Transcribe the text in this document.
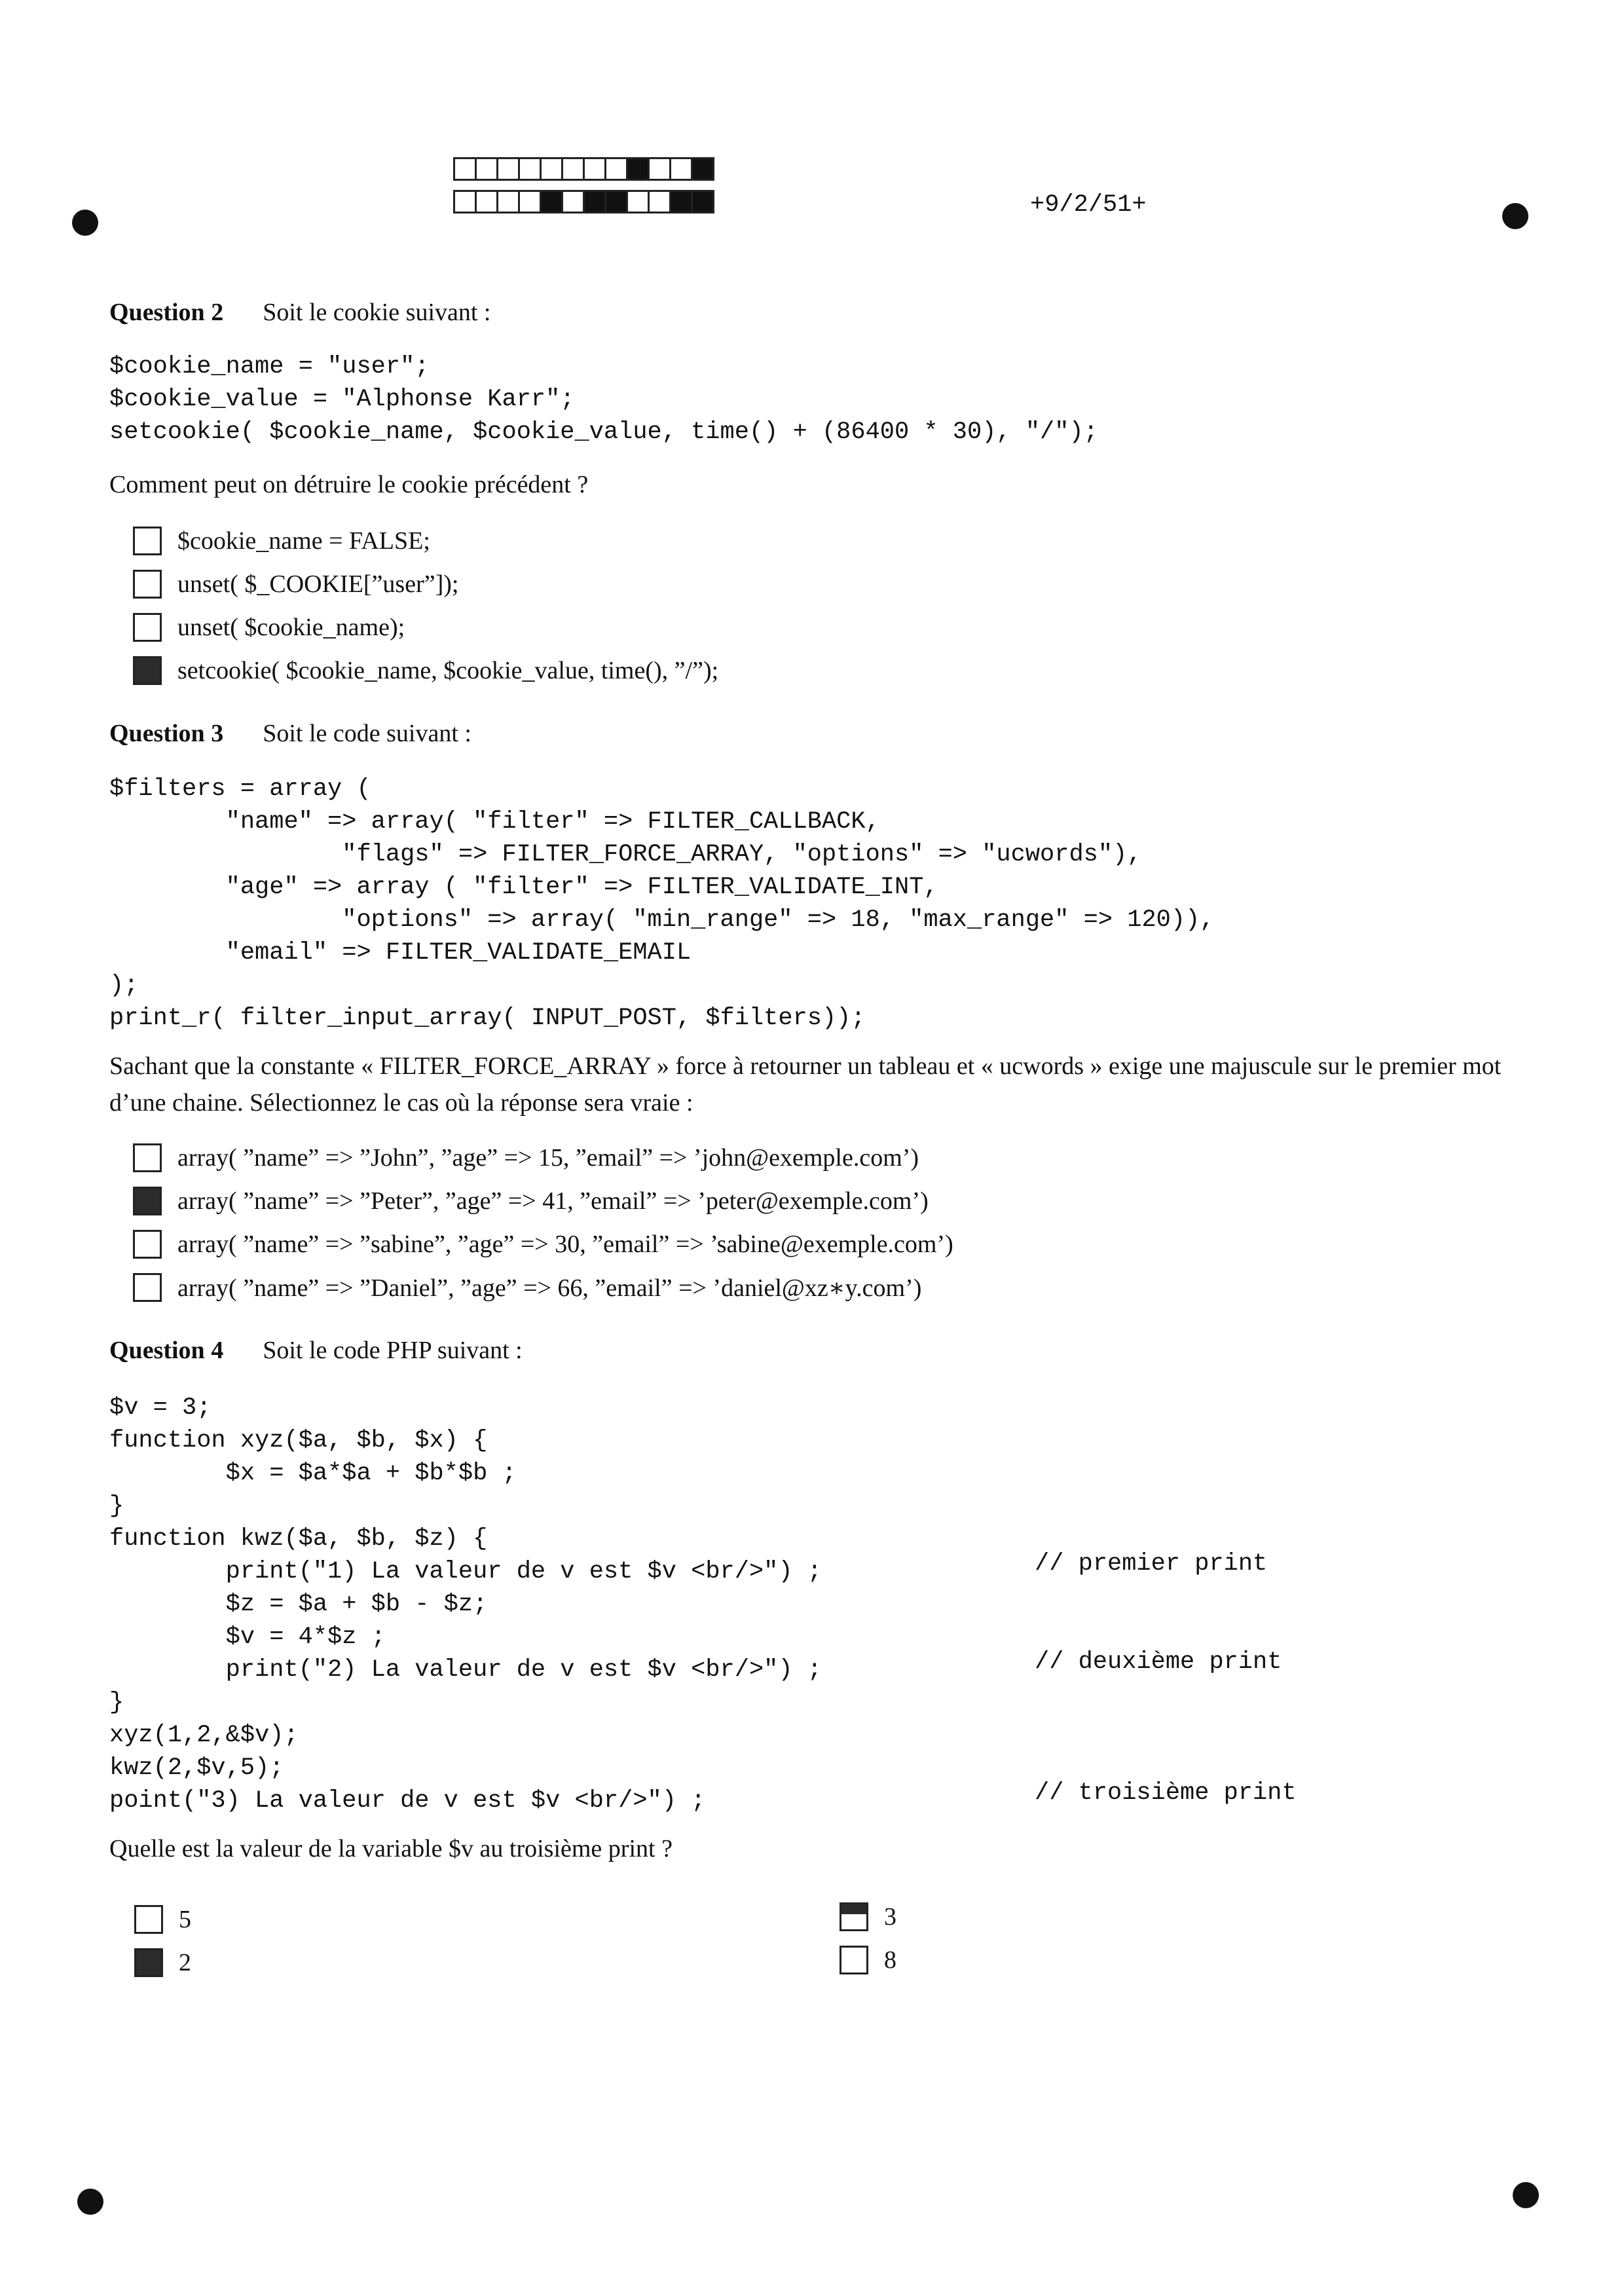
+9/2/51+
Question 2 Soit le cookie suivant :
$cookie_name = "user";
$cookie_value = "Alphonse Karr";
setcookie( $cookie_name, $cookie_value, time() + (86400 * 30), "/");
Comment peut on détruire le cookie précédent ?
$cookie_name = FALSE;
unset( $_COOKIE[”user”]);
unset( $cookie_name);
setcookie( $cookie_name, $cookie_value, time(), ”/”);
Question 3 Soit le code suivant :
$filters = array (
"name" => array( "filter" => FILTER_CALLBACK,
"flags" => FILTER_FORCE_ARRAY, "options" => "ucwords"),
"age" => array ( "filter" => FILTER_VALIDATE_INT,
"options" => array( "min_range" => 18, "max_range" => 120)),
"email" => FILTER_VALIDATE_EMAIL
);
print_r( filter_input_array( INPUT_POST, $filters));
Sachant que la constante « FILTER_FORCE_ARRAY » force à retourner un tableau et « ucwords » exige une majuscule sur le premier mot d’une chaine. Sélectionnez le cas où la réponse sera vraie :
array( ”name” => ”John”, ”age” => 15, ”email” => ’john@exemple.com’)
array( ”name” => ”Peter”, ”age” => 41, ”email” => ’peter@exemple.com’)
array( ”name” => ”sabine”, ”age” => 30, ”email” => ’sabine@exemple.com’)
array( ”name” => ”Daniel”, ”age” => 66, ”email” => ’daniel@xz∗y.com’)
Question 4 Soit le code PHP suivant :
$v = 3;
function xyz($a, $b, $x) {
$x = $a*$a + $b*$b ;
}
function kwz($a, $b, $z) {
print("1) La valeur de v est $v <br/>") ;
$z = $a + $b - $z;
$v = 4*$z ;
print("2) La valeur de v est $v <br/>") ;
}
xyz(1,2,&$v);
kwz(2,$v,5);
point("3) La valeur de v est $v <br/>") ;
// premier print
// deuxième print
// troisième print
Quelle est la valeur de la variable $v au troisième print ?
5
2
3
8
